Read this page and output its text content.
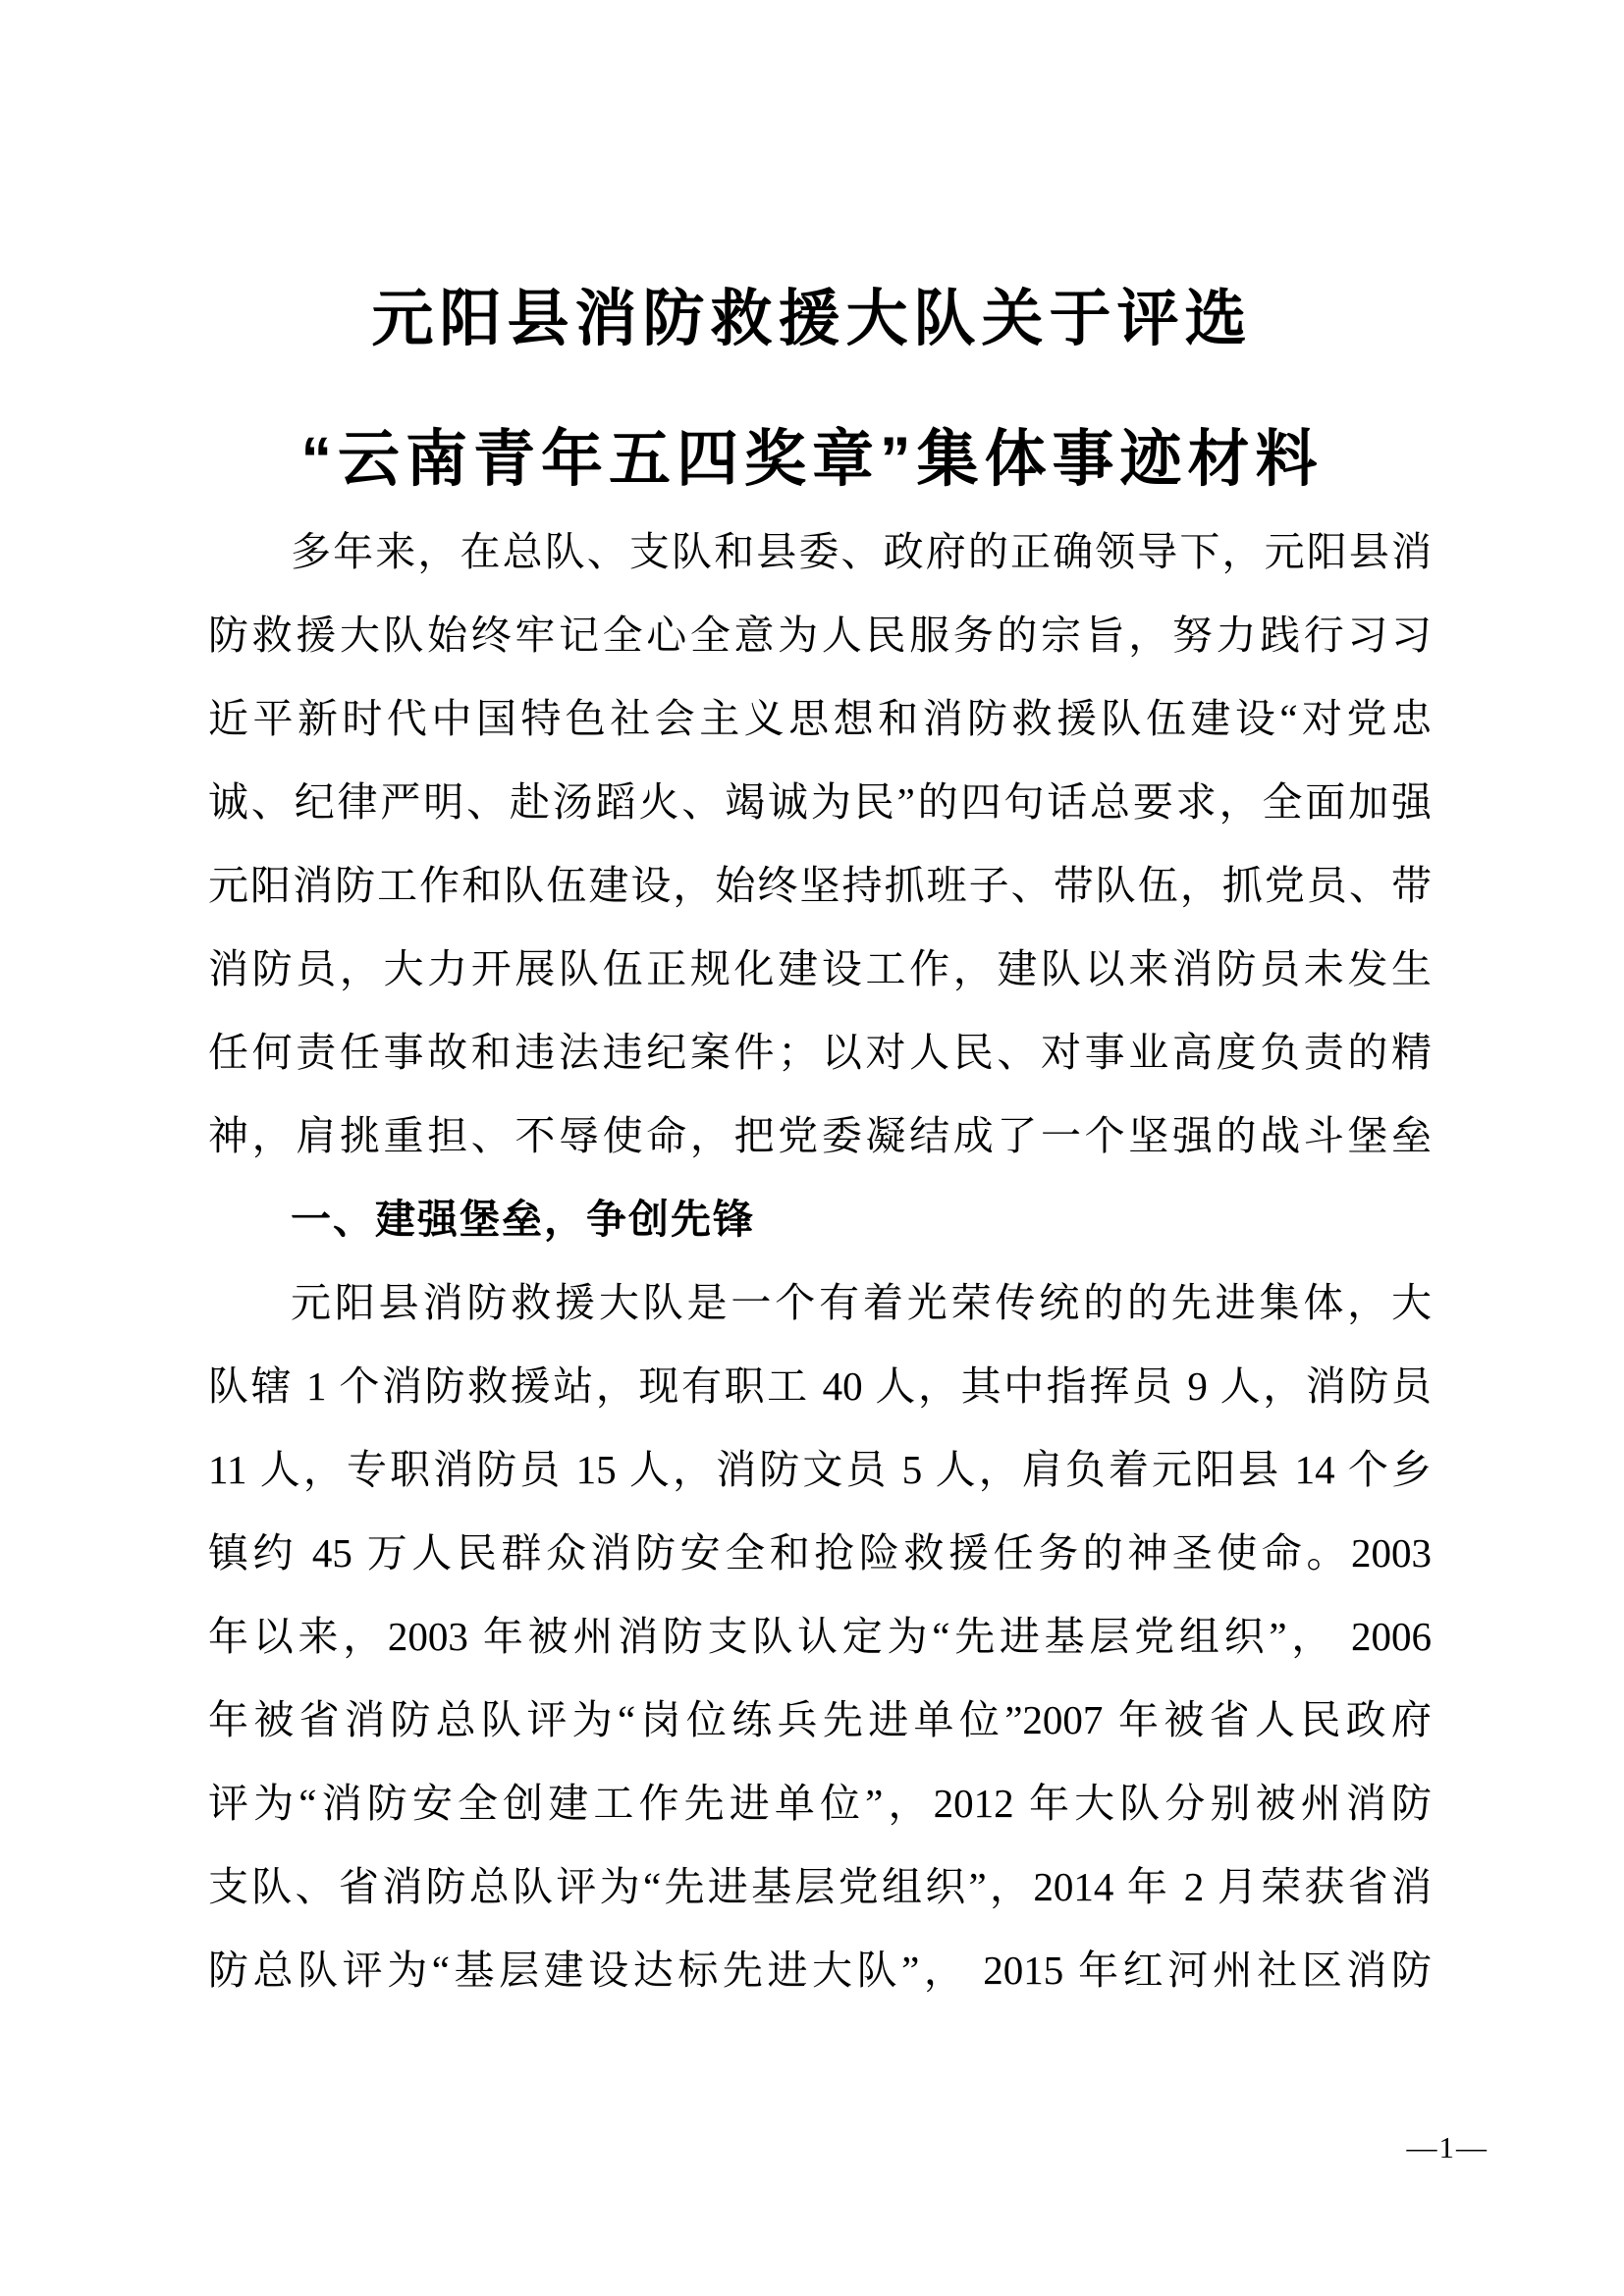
元阳县消防救援大队关于评选
“云南青年五四奖章”集体事迹材料
多年来，在总队、支队和县委、政府的正确领导下，元阳县消
防救援大队始终牢记全心全意为人民服务的宗旨，努力践行习习
近平新时代中国特色社会主义思想和消防救援队伍建设“对党忠
诚、纪律严明、赴汤蹈火、竭诚为民”的四句话总要求，全面加强
元阳消防工作和队伍建设，始终坚持抓班子、带队伍，抓党员、带
消防员，大力开展队伍正规化建设工作，建队以来消防员未发生
任何责任事故和违法违纪案件；以对人民、对事业高度负责的精
神，肩挑重担、不辱使命，把党委凝结成了一个坚强的战斗堡垒
一、建强堡垒，争创先锋
元阳县消防救援大队是一个有着光荣传统的的先进集体，大
队辖 1 个消防救援站，现有职工 40 人，其中指挥员 9 人，消防员
11 人，专职消防员 15 人，消防文员 5 人，肩负着元阳县 14 个乡
镇约 45 万人民群众消防安全和抢险救援任务的神圣使命。2003
年以来，2003 年被州消防支队认定为“先进基层党组织”， 2006
年被省消防总队评为“岗位练兵先进单位”2007 年被省人民政府
评为“消防安全创建工作先进单位”，2012 年大队分别被州消防
支队、省消防总队评为“先进基层党组织”，2014 年 2 月荣获省消
防总队评为“基层建设达标先进大队”， 2015 年红河州社区消防
—1—
